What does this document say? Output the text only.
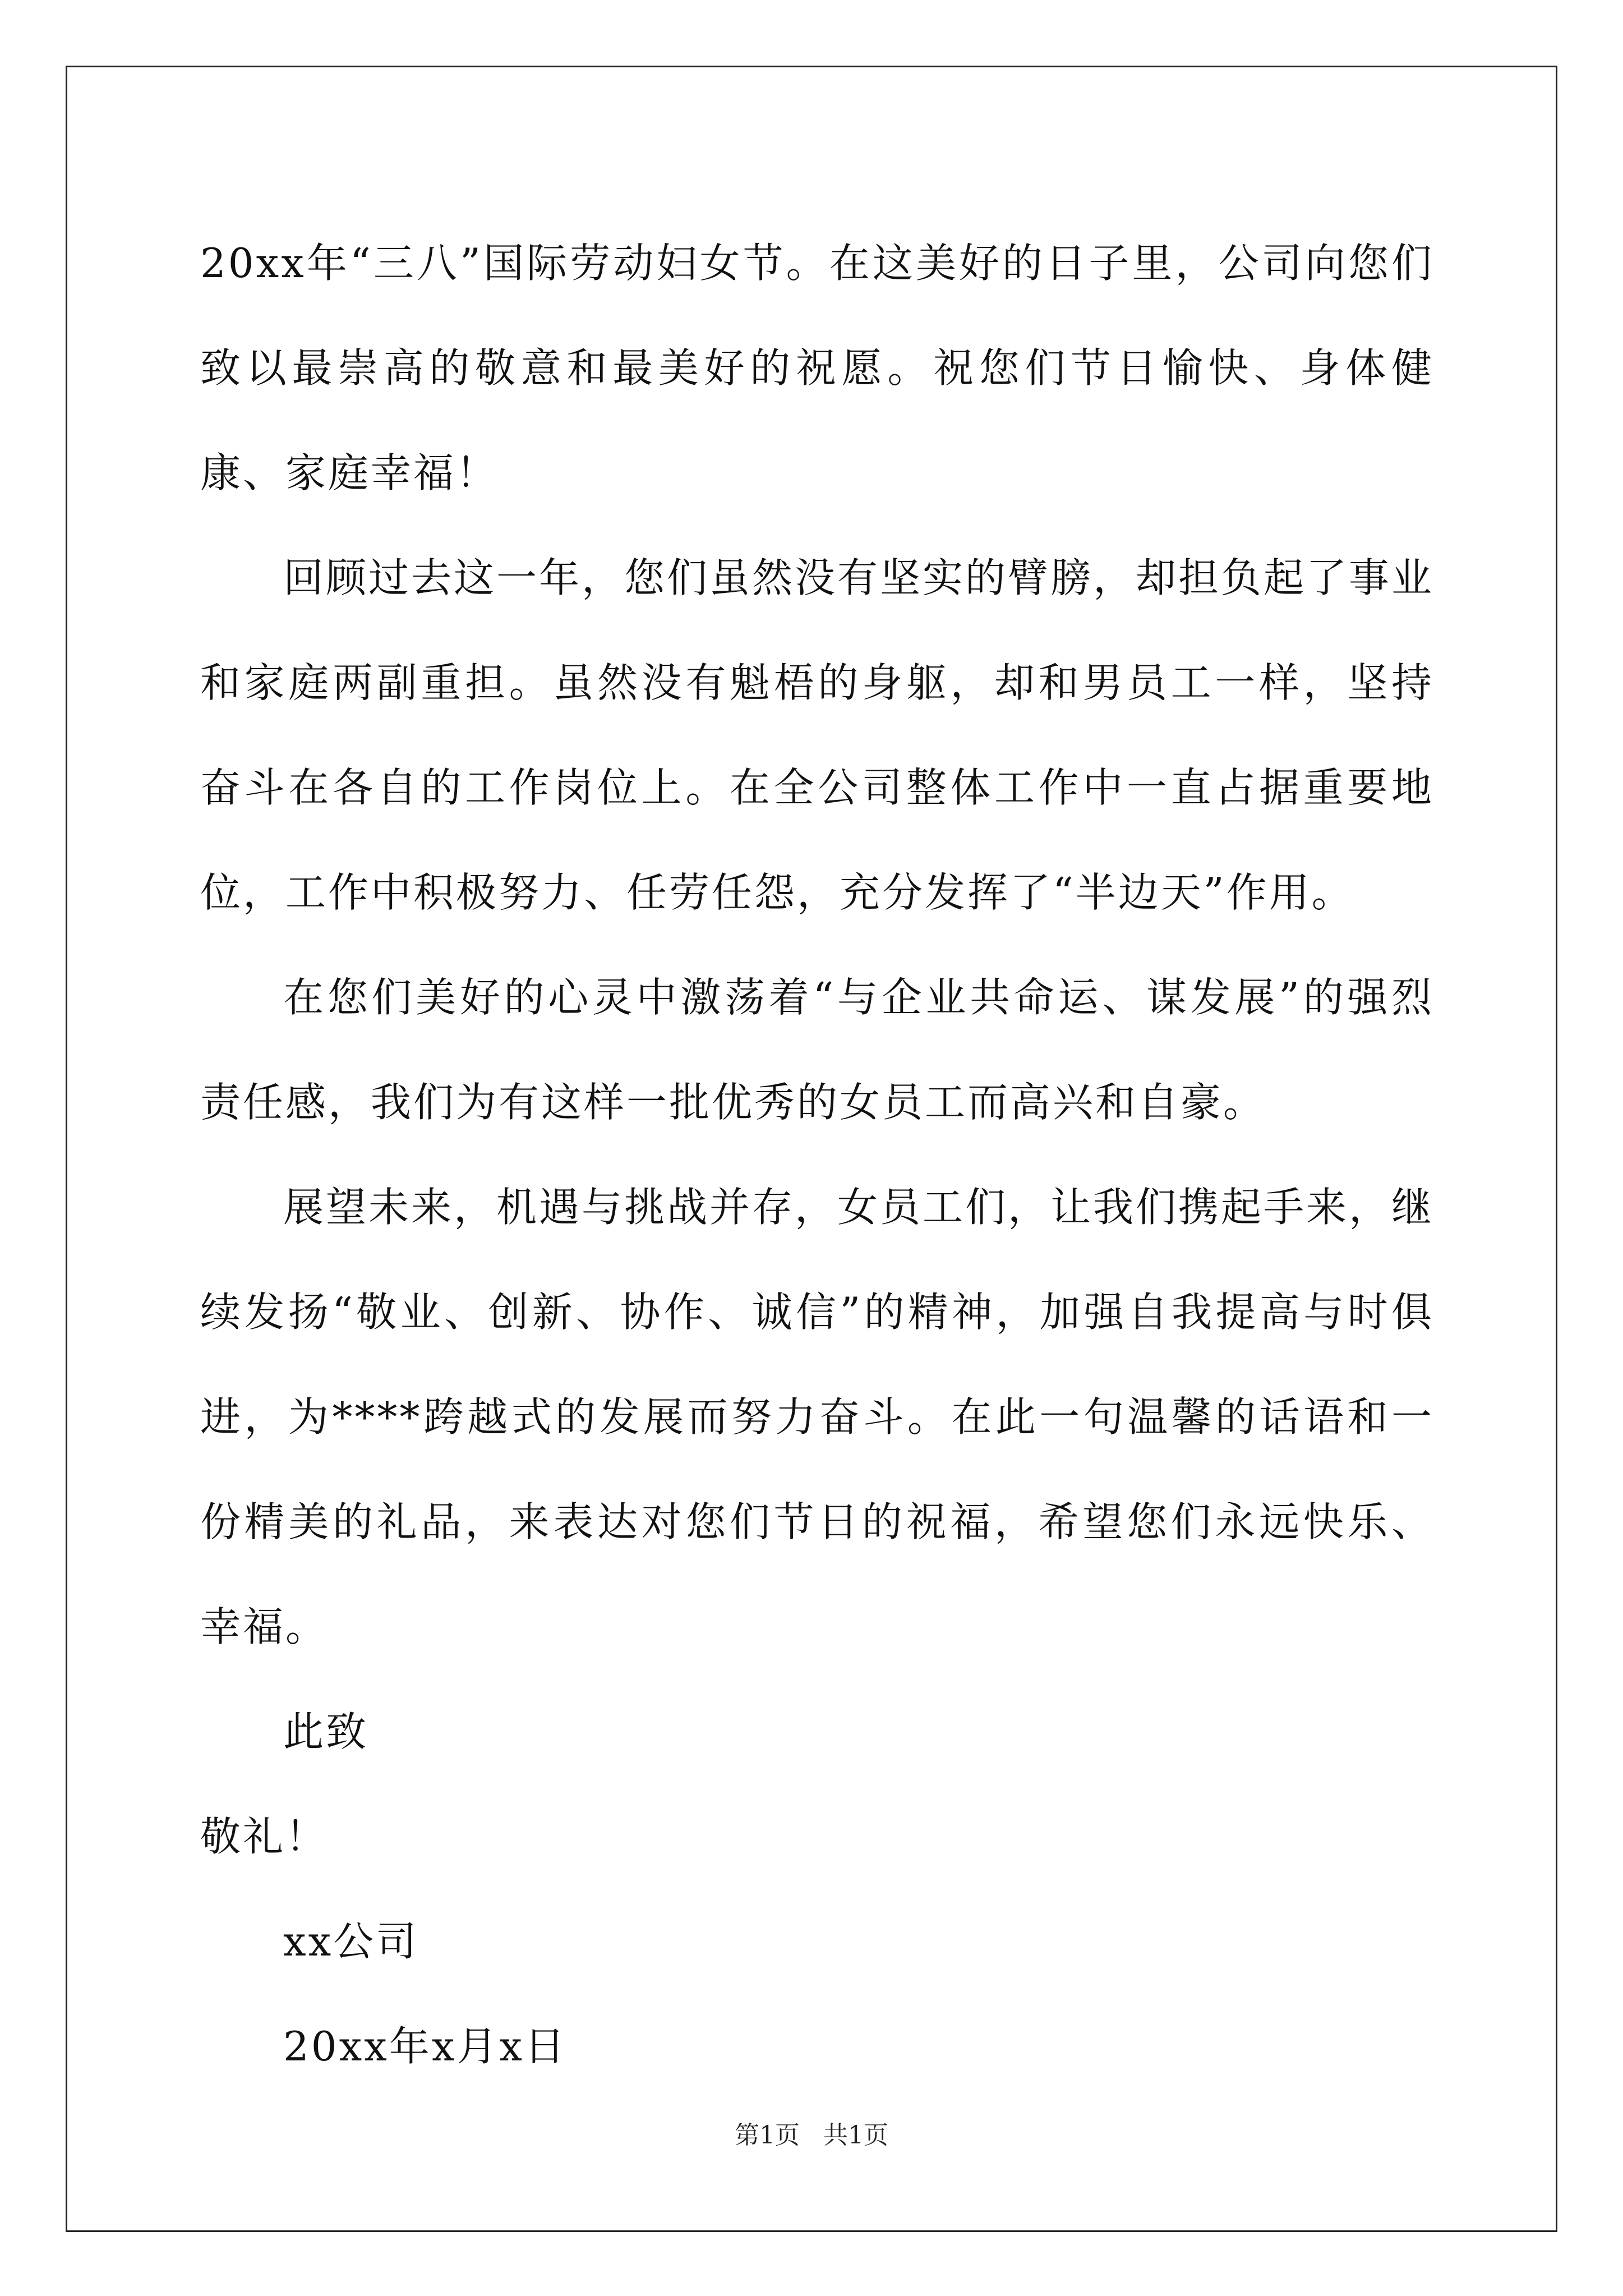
20xx年“三八”国际劳动妇女节。在这美好的日子里，公司向您们致以最崇高的敬意和最美好的祝愿。祝您们节日愉快、身体健康、家庭幸福！

回顾过去这一年，您们虽然没有坚实的臂膀，却担负起了事业和家庭两副重担。虽然没有魁梧的身躯，却和男员工一样，坚持奋斗在各自的工作岗位上。在全公司整体工作中一直占据重要地位，工作中积极努力、任劳任怨，充分发挥了“半边天”作用。

在您们美好的心灵中激荡着“与企业共命运、谋发展”的强烈责任感，我们为有这样一批优秀的女员工而高兴和自豪。

展望未来，机遇与挑战并存，女员工们，让我们携起手来，继续发扬“敬业、创新、协作、诚信”的精神，加强自我提高与时俱进，为****跨越式的发展而努力奋斗。在此一句温馨的话语和一份精美的礼品，来表达对您们节日的祝福，希望您们永远快乐、幸福。

此致

敬礼！

xx公司

20xx年x月x日

第1页   共1页
